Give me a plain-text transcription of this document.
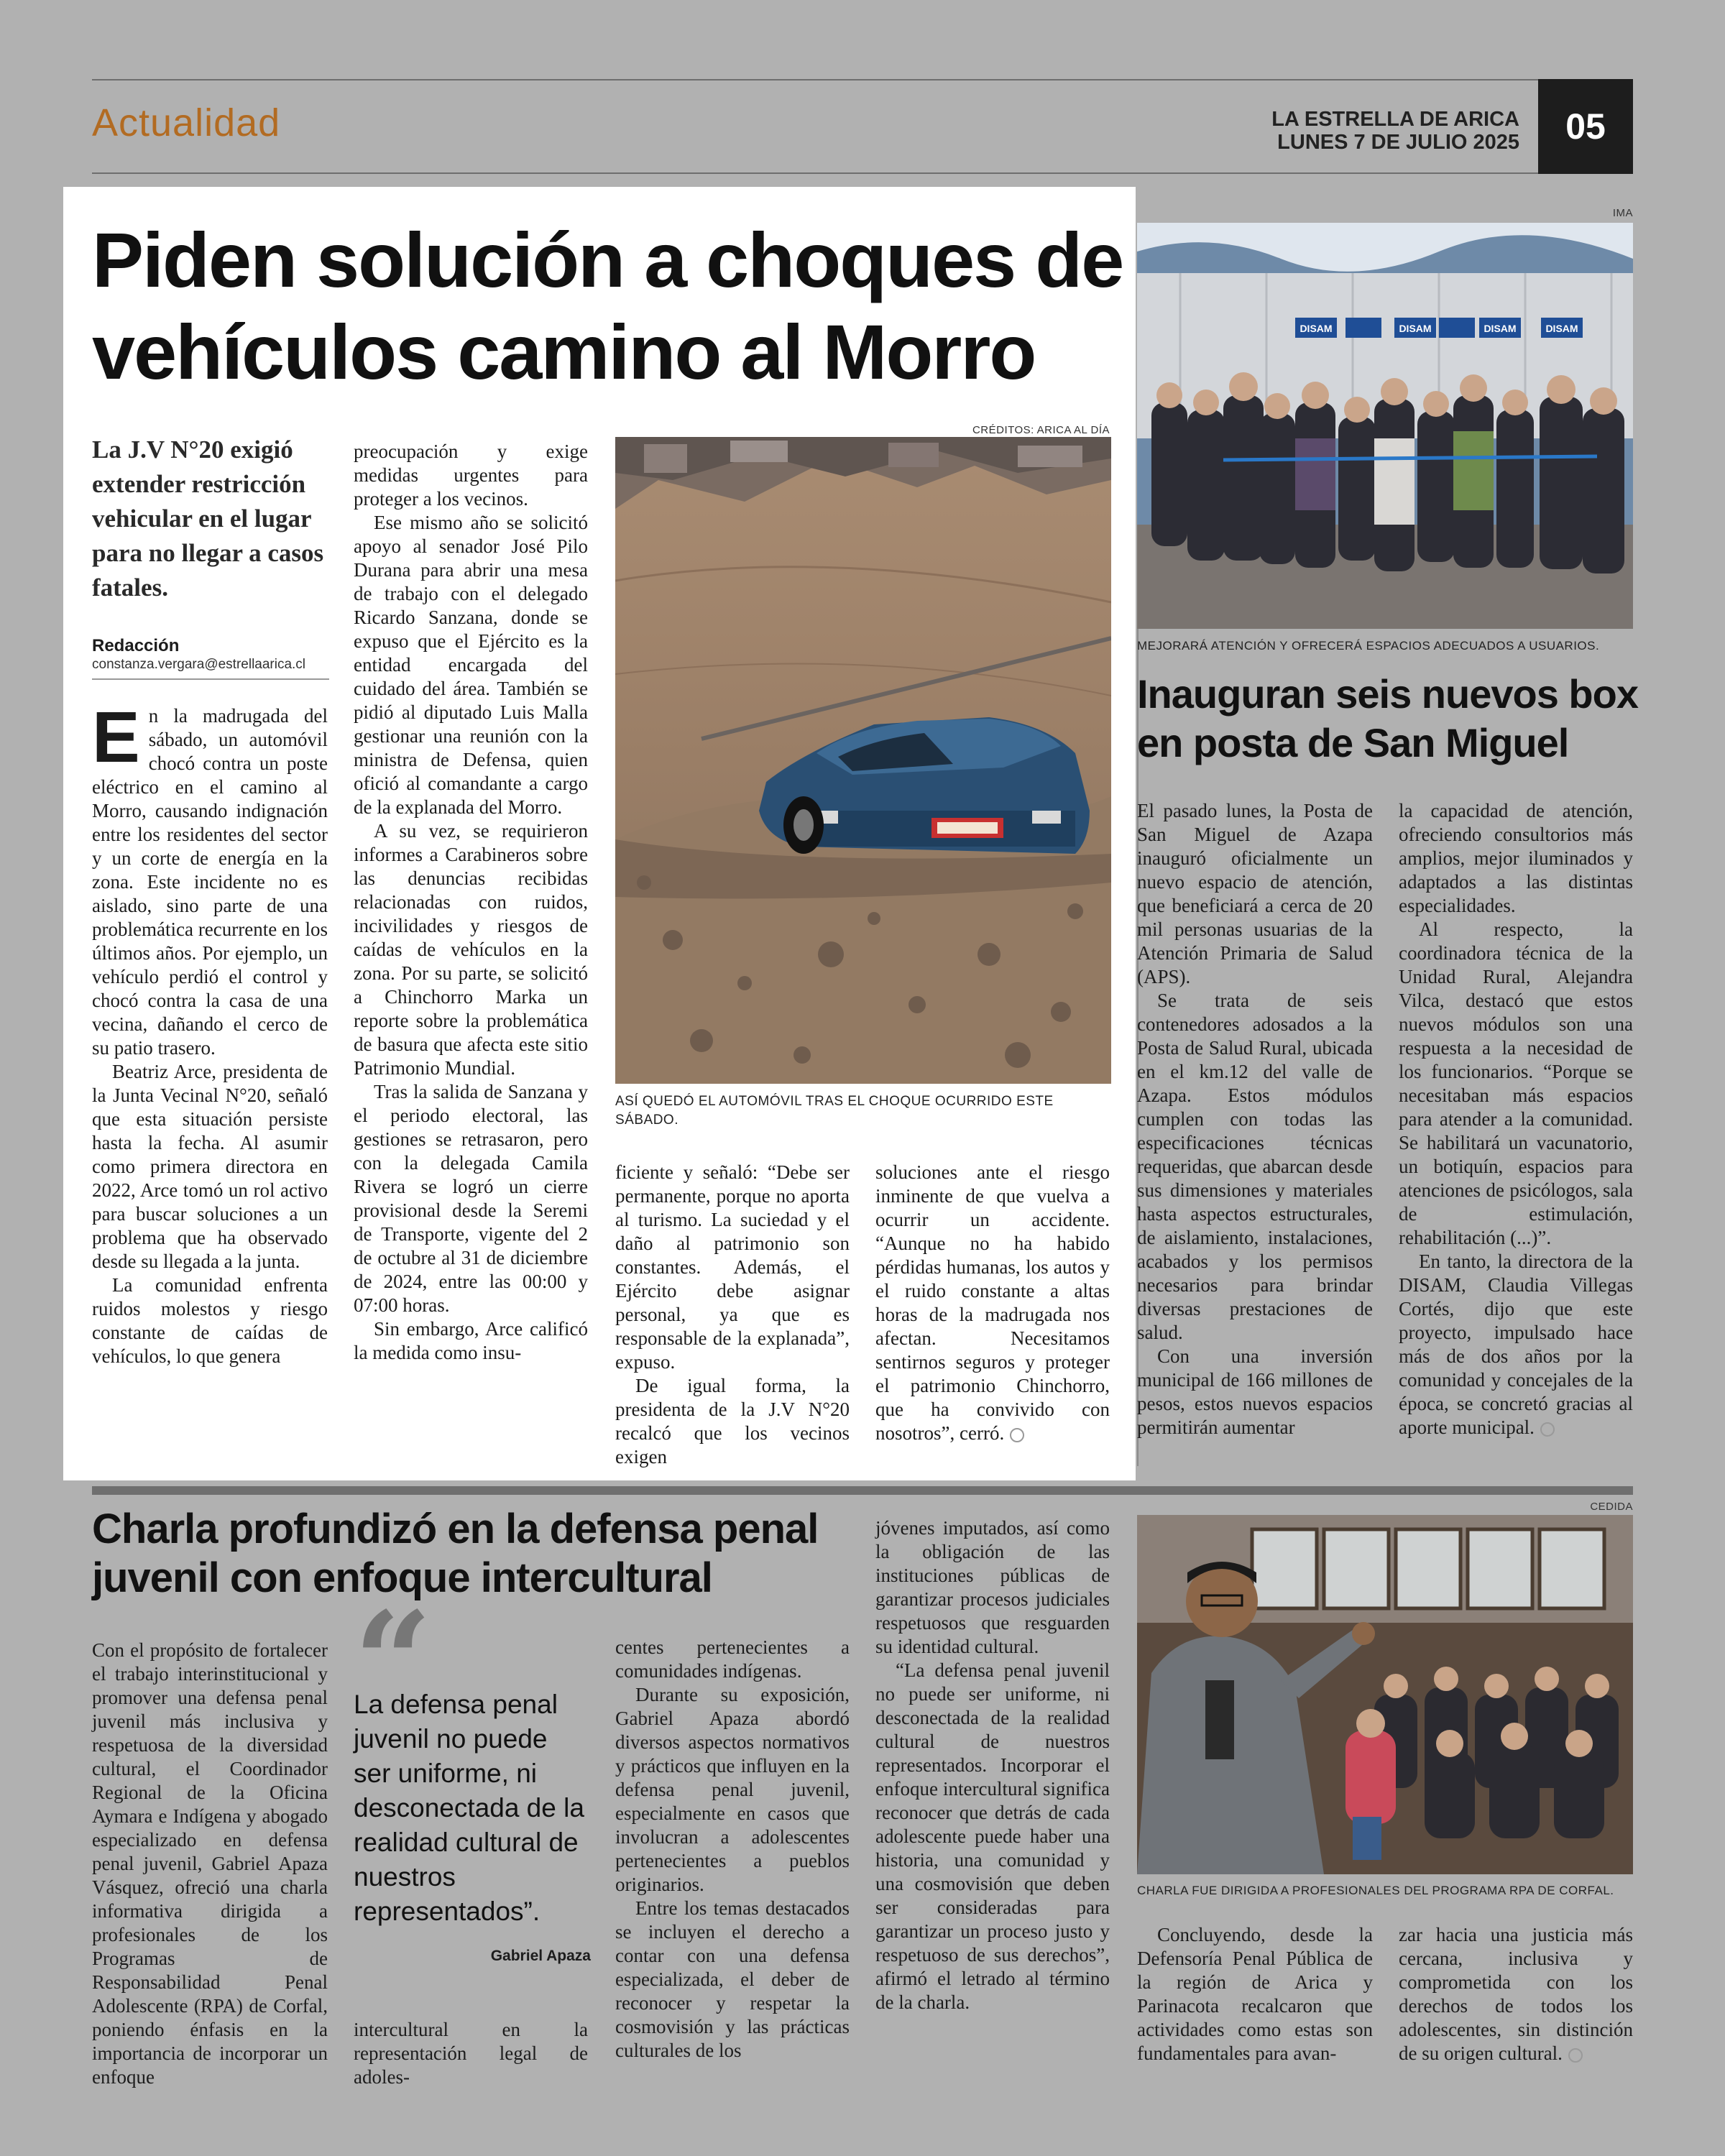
Actualidad	LA ESTRELLA DE ARICA
LUNES 7 DE JULIO 2025	05
Piden solución a choques de vehículos camino al Morro
La J.V N°20 exigió extender restricción vehicular en el lugar para no llegar a casos fatales.
Redacción
constanza.vergara@estrellaarica.cl

En la madrugada del sábado, un automóvil chocó contra un poste eléctrico en el camino al Morro, causando indignación entre los residentes del sector y un corte de energía en la zona. Este incidente no es aislado, sino parte de una problemática recurrente en los últimos años. Por ejemplo, un vehículo perdió el control y chocó contra la casa de una vecina, dañando el cerco de su patio trasero.

Beatriz Arce, presidenta de la Junta Vecinal N°20, señaló que esta situación persiste hasta la fecha. Al asumir como primera directora en 2022, Arce tomó un rol activo para buscar soluciones a un problema que ha observado desde su llegada a la junta.

La comunidad enfrenta ruidos molestos y riesgo constante de caídas de vehículos, lo que genera

preocupación y exige medidas urgentes para proteger a los vecinos.

Ese mismo año se solicitó apoyo al senador José Pilo Durana para abrir una mesa de trabajo con el delegado Ricardo Sanzana, donde se expuso que el Ejército es la entidad encargada del cuidado del área. También se pidió al diputado Luis Malla gestionar una reunión con la ministra de Defensa, quien ofició al comandante a cargo de la explanada del Morro.

A su vez, se requirieron informes a Carabineros sobre las denuncias recibidas relacionadas con ruidos, incivilidades y riesgos de caídas de vehículos en la zona. Por su parte, se solicitó a Chinchorro Marka un reporte sobre la problemática de basura que afecta este sitio Patrimonio Mundial.

Tras la salida de Sanzana y el periodo electoral, las gestiones se retrasaron, pero con la delegada Camila Rivera se logró un cierre provisional desde la Seremi de Transporte, vigente del 2 de octubre al 31 de diciembre de 2024, entre las 00:00 y 07:00 horas.

Sin embargo, Arce calificó la medida como insu-

CRÉDITOS: ARICA AL DÍA
ASÍ QUEDÓ EL AUTOMÓVIL TRAS EL CHOQUE OCURRIDO ESTE SÁBADO.

ficiente y señaló: “Debe ser permanente, porque no aporta al turismo. La suciedad y el daño al patrimonio son constantes. Además, el Ejército debe asignar personal, ya que es responsable de la explanada”, expuso.

De igual forma, la presidenta de la J.V N°20 recalcó que los vecinos exigen

soluciones ante el riesgo inminente de que vuelva a ocurrir un accidente. “Aunque no ha habido pérdidas humanas, los autos y el ruido constante a altas horas de la madrugada nos afectan. Necesitamos sentirnos seguros y proteger el patrimonio Chinchorro, que ha convivido con nosotros”, cerró.

IMA
DISAM	DISAM	DISAM	DISAM
MEJORARÁ ATENCIÓN Y OFRECERÁ ESPACIOS ADECUADOS A USUARIOS.
Inauguran seis nuevos box en posta de San Miguel

El pasado lunes, la Posta de San Miguel de Azapa inauguró oficialmente un nuevo espacio de atención, que beneficiará a cerca de 20 mil personas usuarias de la Atención Primaria de Salud (APS).

Se trata de seis contenedores adosados a la Posta de Salud Rural, ubicada en el km.12 del valle de Azapa. Estos módulos cumplen con todas las especificaciones técnicas requeridas, que abarcan desde sus dimensiones y materiales hasta aspectos estructurales, de aislamiento, instalaciones, acabados y los permisos necesarios para brindar diversas prestaciones de salud.

Con una inversión municipal de 166 millones de pesos, estos nuevos espacios permitirán aumentar

la capacidad de atención, ofreciendo consultorios más amplios, mejor iluminados y adaptados a las distintas especialidades.

Al respecto, la coordinadora técnica de la Unidad Rural, Alejandra Vilca, destacó que estos nuevos módulos son una respuesta a la necesidad de los funcionarios. “Porque se necesitaban más espacios para atender a la comunidad. Se habilitará un vacunatorio, un botiquín, espacios para atenciones de psicólogos, sala de estimulación, rehabilitación (...)”.

En tanto, la directora de la DISAM, Claudia Villegas Cortés, dijo que este proyecto, impulsado hace más de dos años por la comunidad y concejales de la época, se concretó gracias al aporte municipal.

Charla profundizó en la defensa penal juvenil con enfoque intercultural

Con el propósito de fortalecer el trabajo interinstitucional y promover una defensa penal juvenil más inclusiva y respetuosa de la diversidad cultural, el Coordinador Regional de la Oficina Aymara e Indígena y abogado especializado en defensa penal juvenil, Gabriel Apaza Vásquez, ofreció una charla informativa dirigida a profesionales de los Programas de Responsabilidad Penal Adolescente (RPA) de Corfal, poniendo énfasis en la importancia de incorporar un enfoque

La defensa penal juvenil no puede ser uniforme, ni desconectada de la realidad cultural de nuestros representados”.
Gabriel Apaza

intercultural en la representación legal de adoles-

centes pertenecientes a comunidades indígenas.

Durante su exposición, Gabriel Apaza abordó diversos aspectos normativos y prácticos que influyen en la defensa penal juvenil, especialmente en casos que involucran a adolescentes pertenecientes a pueblos originarios.

Entre los temas destacados se incluyen el derecho a contar con una defensa especializada, el deber de reconocer y respetar la cosmovisión y las prácticas culturales de los

jóvenes imputados, así como la obligación de las instituciones públicas de garantizar procesos judiciales respetuosos que resguarden su identidad cultural.

“La defensa penal juvenil no puede ser uniforme, ni desconectada de la realidad cultural de nuestros representados. Incorporar el enfoque intercultural significa reconocer que detrás de cada adolescente puede haber una historia, una comunidad y una cosmovisión que deben ser consideradas para garantizar un proceso justo y respetuoso de sus derechos”, afirmó el letrado al término de la charla.

CEDIDA
CHARLA FUE DIRIGIDA A PROFESIONALES DEL PROGRAMA RPA DE CORFAL.

Concluyendo, desde la Defensoría Penal Pública de la región de Arica y Parinacota recalcaron que actividades como estas son fundamentales para avan-

zar hacia una justicia más cercana, inclusiva y comprometida con los derechos de todos los adolescentes, sin distinción de su origen cultural.
